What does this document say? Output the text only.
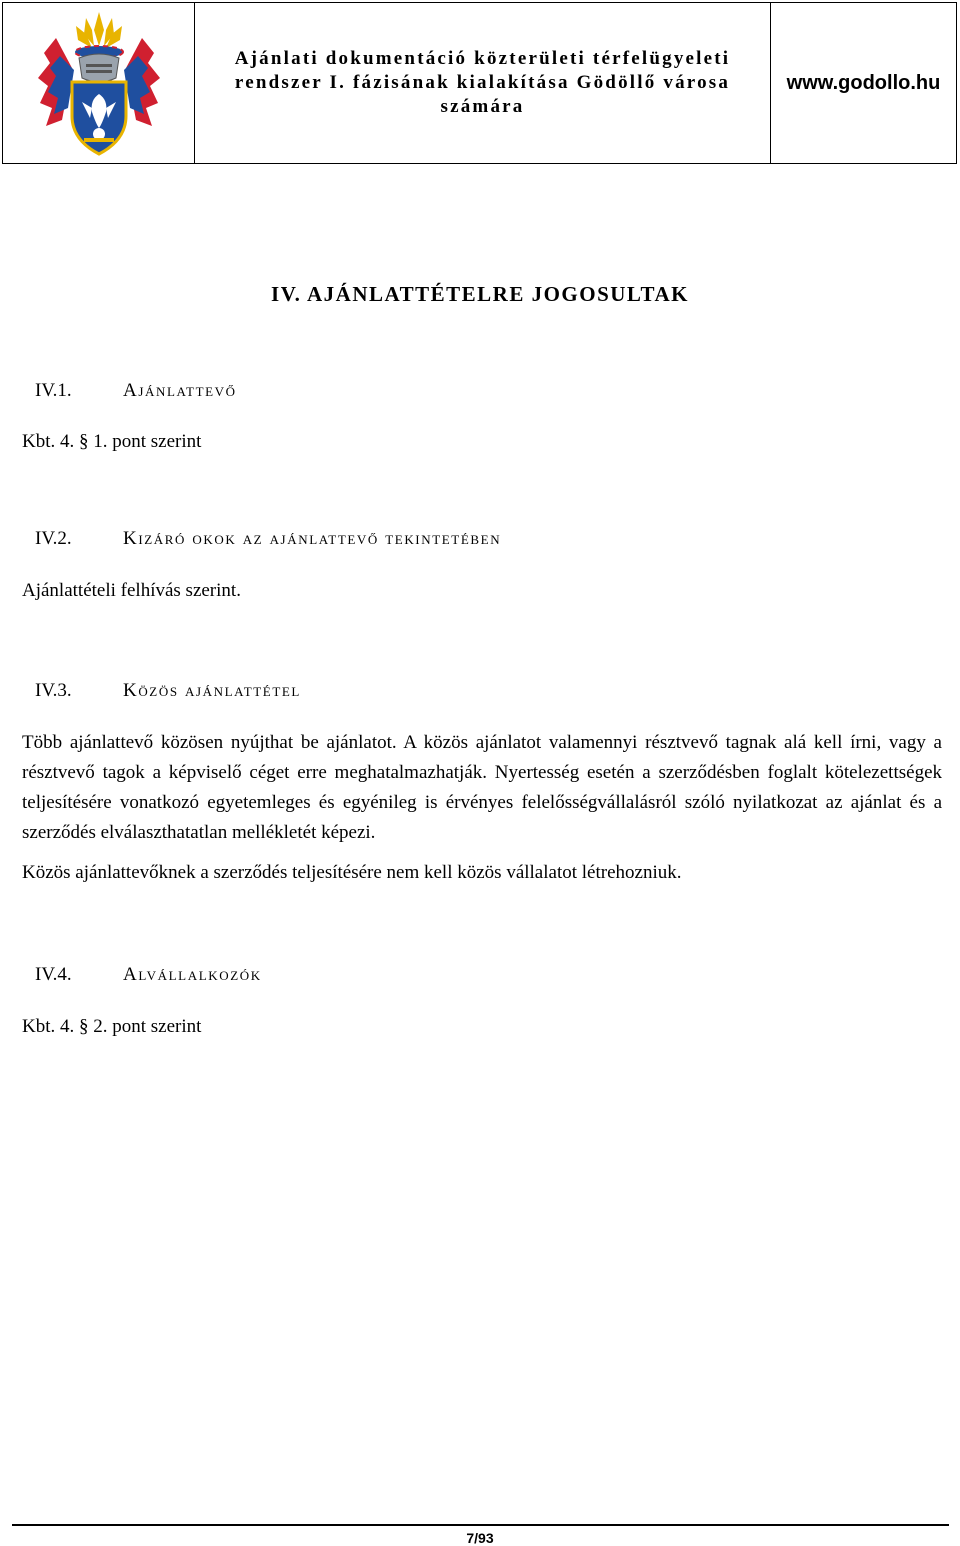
Ajánlati dokumentáció közterületi térfelügyeleti rendszer I. fázisának kialakítása Gödöllő városa számára
www.godollo.hu
IV. AJÁNLATTÉTELRE JOGOSULTAK
IV.1.	Ajánlattevő
Kbt. 4. § 1. pont szerint
IV.2.	Kizáró okok az ajánlattevő tekintetében
Ajánlattételi felhívás szerint.
IV.3.	Közös ajánlattétel
Több ajánlattevő közösen nyújthat be ajánlatot. A közös ajánlatot valamennyi résztvevő tagnak alá kell írni, vagy a résztvevő tagok a képviselő céget erre meghatalmazhatják. Nyertesség esetén a szerződésben foglalt kötelezettségek teljesítésére vonatkozó egyetemleges és egyénileg is érvényes felelősségvállalásról szóló nyilatkozat az ajánlat és a szerződés elválaszthatatlan mellékletét képezi.
Közös ajánlattevőknek a szerződés teljesítésére nem kell közös vállalatot létrehozniuk.
IV.4.	Alvállalkozók
Kbt. 4. § 2. pont szerint
7/93
